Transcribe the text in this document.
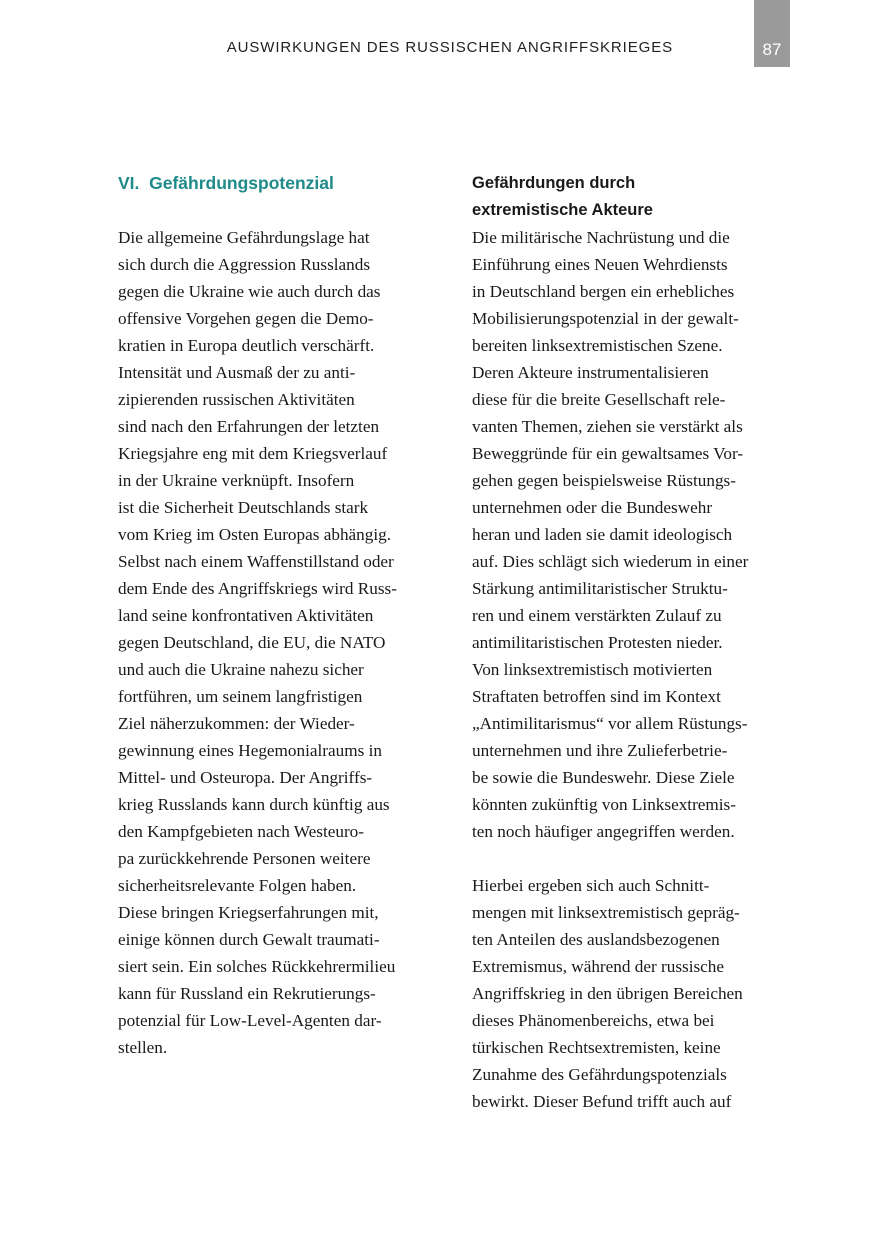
AUSWIRKUNGEN DES RUSSISCHEN ANGRIFFSKRIEGES	87
VI.  Gefährdungspotenzial
Die allgemeine Gefährdungslage hat
sich durch die Aggression Russlands
gegen die Ukraine wie auch durch das
offensive Vorgehen gegen die Demo-
kratien in Europa deutlich verschärft.
Intensität und Ausmaß der zu anti-
zipierenden russischen Aktivitäten
sind nach den Erfahrungen der letzten
Kriegsjahre eng mit dem Kriegsverlauf
in der Ukraine verknüpft. Insofern
ist die Sicherheit Deutschlands stark
vom Krieg im Osten Europas abhängig.
Selbst nach einem Waffenstillstand oder
dem Ende des Angriffskriegs wird Russ-
land seine konfrontativen Aktivitäten
gegen Deutschland, die EU, die NATO
und auch die Ukraine nahezu sicher
fortführen, um seinem langfristigen
Ziel näherzukommen: der Wieder-
gewinnung eines Hegemonialraums in
Mittel- und Osteuropa. Der Angriffs-
krieg Russlands kann durch künftig aus
den Kampfgebieten nach Westeuro-
pa zurückkehrende Personen weitere
sicherheitsrelevante Folgen haben.
Diese bringen Kriegserfahrungen mit,
einige können durch Gewalt traumati-
siert sein. Ein solches Rückkehrermilieu
kann für Russland ein Rekrutierungs-
potenzial für Low-Level-Agenten dar-
stellen.
Gefährdungen durch
extremistische Akteure
Die militärische Nachrüstung und die
Einführung eines Neuen Wehrdiensts
in Deutschland bergen ein erhebliches
Mobilisierungspotenzial in der gewalt-
bereiten linksextremistischen Szene.
Deren Akteure instrumentalisieren
diese für die breite Gesellschaft rele-
vanten Themen, ziehen sie verstärkt als
Beweggründe für ein gewaltsames Vor-
gehen gegen beispielsweise Rüstungs-
unternehmen oder die Bundeswehr
heran und laden sie damit ideologisch
auf. Dies schlägt sich wiederum in einer
Stärkung antimilitaristischer Struktu-
ren und einem verstärkten Zulauf zu
antimilitaristischen Protesten nieder.
Von linksextremistisch motivierten
Straftaten betroffen sind im Kontext
„Antimilitarismus“ vor allem Rüstungs-
unternehmen und ihre Zulieferbetrie-
be sowie die Bundeswehr. Diese Ziele
könnten zukünftig von Linksextremis-
ten noch häufiger angegriffen werden.
Hierbei ergeben sich auch Schnitt-
mengen mit linksextremistisch gepräg-
ten Anteilen des auslandsbezogenen
Extremismus, während der russische
Angriffskrieg in den übrigen Bereichen
dieses Phänomenbereichs, etwa bei
türkischen Rechtsextremisten, keine
Zunahme des Gefährdungspotenzials
bewirkt. Dieser Befund trifft auch auf
